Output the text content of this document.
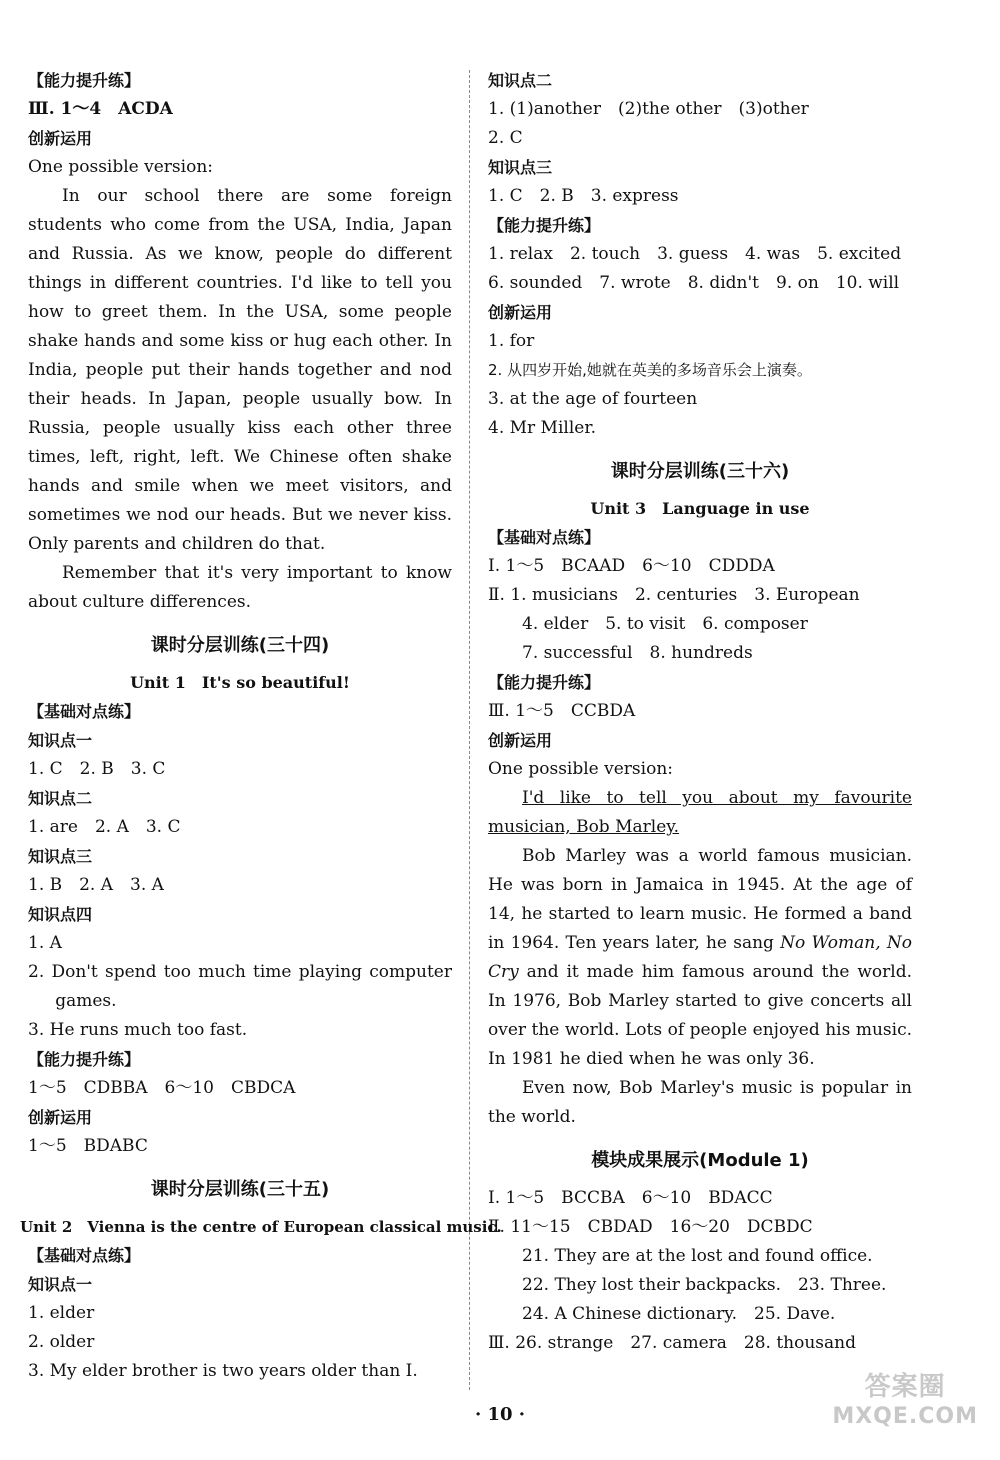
【能力提升练】
Ⅲ. 1～4　ACDA
创新运用
One possible version:
In our school there are some foreign students who come from the USA, India, Japan and Russia. As we know, people do different things in different countries. I'd like to tell you how to greet them. In the USA, some people shake hands and some kiss or hug each other. In India, people put their hands together and nod their heads. In Japan, people usually bow. In Russia, people usually kiss each other three times, left, right, left. We Chinese often shake hands and smile when we meet visitors, and sometimes we nod our heads. But we never kiss. Only parents and children do that.
Remember that it's very important to know about culture differences.
课时分层训练(三十四)
Unit 1　It's so beautiful!
【基础对点练】
知识点一
1. C　2. B　3. C
知识点二
1. are　2. A　3. C
知识点三
1. B　2. A　3. A
知识点四
1. A
2. Don't spend too much time playing computer games.
3. He runs much too fast.
【能力提升练】
1～5　CDBBA　6～10　CBDCA
创新运用
1～5　BDABC
课时分层训练(三十五)
Unit 2　Vienna is the centre of European classical music.
【基础对点练】
知识点一
1. elder
2. older
3. My elder brother is two years older than I.
知识点二
1. (1)another　(2)the other　(3)other
2. C
知识点三
1. C　2. B　3. express
【能力提升练】
1. relax　2. touch　3. guess　4. was　5. excited
6. sounded　7. wrote　8. didn't　9. on　10. will
创新运用
1. for
2. 从四岁开始,她就在英美的多场音乐会上演奏。
3. at the age of fourteen
4. Mr Miller.
课时分层训练(三十六)
Unit 3　Language in use
【基础对点练】
Ⅰ. 1～5　BCAAD　6～10　CDDDA
Ⅱ. 1. musicians　2. centuries　3. European
4. elder　5. to visit　6. composer
7. successful　8. hundreds
【能力提升练】
Ⅲ. 1～5　CCBDA
创新运用
One possible version:
I'd like to tell you about my favourite musician, Bob Marley.
Bob Marley was a world famous musician. He was born in Jamaica in 1945. At the age of 14, he started to learn music. He formed a band in 1964. Ten years later, he sang No Woman, No Cry and it made him famous around the world. In 1976, Bob Marley started to give concerts all over the world. Lots of people enjoyed his music. In 1981 he died when he was only 36.
Even now, Bob Marley's music is popular in the world.
模块成果展示(Module 1)
Ⅰ. 1～5　BCCBA　6～10　BDACC
Ⅱ. 11～15　CBDAD　16～20　DCBDC
21. They are at the lost and found office.
22. They lost their backpacks.　23. Three.
24. A Chinese dictionary.　25. Dave.
Ⅲ. 26. strange　27. camera　28. thousand
· 10 ·
答案圈
MXQE.COM
